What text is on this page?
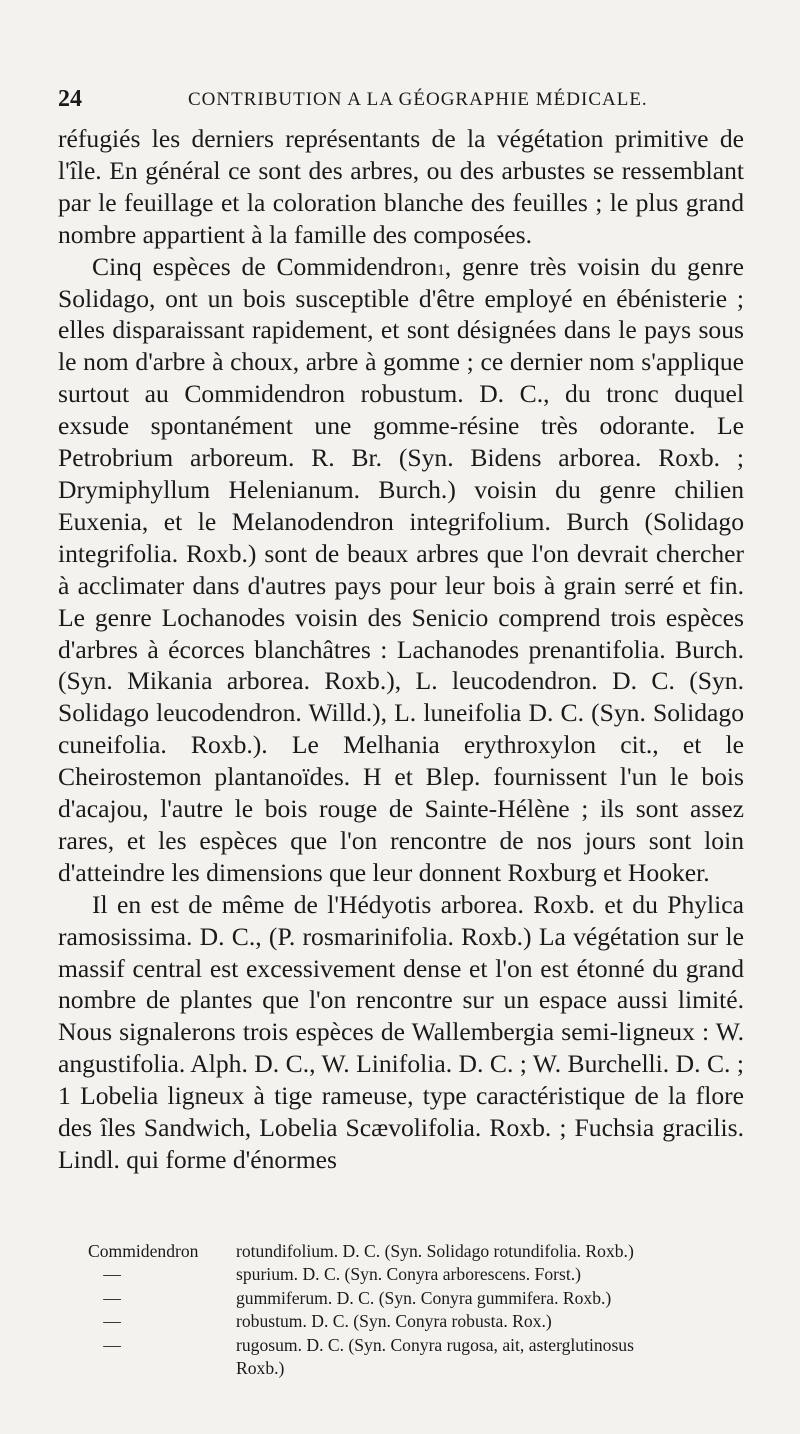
24	CONTRIBUTION A LA GÉOGRAPHIE MÉDICALE.

réfugiés les derniers représentants de la végétation primitive de l'île. En général ce sont des arbres, ou des arbustes se ressemblant par le feuillage et la coloration blanche des feuilles ; le plus grand nombre appartient à la famille des composées.

Cinq espèces de Commidendron$^1$, genre très voisin du genre Solidago, ont un bois susceptible d'être employé en ébénisterie ; elles disparaissant rapidement, et sont désignées dans le pays sous le nom d'arbre à choux, arbre à gomme ; ce dernier nom s'applique surtout au Commidendron robustum. D. C., du tronc duquel exsude spontanément une gomme-résine très odorante. Le Petrobrium arboreum. R. Br. (Syn. Bidens arborea. Roxb. ; Drymiphyllum Helenianum. Burch.) voisin du genre chilien Euxenia, et le Melanodendron integrifolium. Burch (Solidago integrifolia. Roxb.) sont de beaux arbres que l'on devrait chercher à acclimater dans d'autres pays pour leur bois à grain serré et fin. Le genre Lochanodes voisin des Senicio comprend trois espèces d'arbres à écorces blanchâtres : Lachanodes prenantifolia. Burch. (Syn. Mikania arborea. Roxb.), L. leucodendron. D. C. (Syn. Solidago leucodendron. Willd.), L. luneifolia D. C. (Syn. Solidago cuneifolia. Roxb.). Le Melhania erythroxylon cit., et le Cheirostemon plantanoïdes. H et Blep. fournissent l'un le bois d'acajou, l'autre le bois rouge de Sainte-Hélène ; ils sont assez rares, et les espèces que l'on rencontre de nos jours sont loin d'atteindre les dimensions que leur donnent Roxburg et Hooker.

Il en est de même de l'Hédyotis arborea. Roxb. et du Phylica ramosissima. D. C., (P. rosmarinifolia. Roxb.) La végétation sur le massif central est excessivement dense et l'on est étonné du grand nombre de plantes que l'on rencontre sur un espace aussi limité. Nous signalerons trois espèces de Wallembergia semi-ligneux : W. angustifolia. Alph. D. C., W. Linifolia. D. C. ; W. Burchelli. D. C. ; 1 Lobelia ligneux à tige rameuse, type caractéristique de la flore des îles Sandwich, Lobelia Scævolifolia. Roxb. ; Fuchsia gracilis. Lindl. qui forme d'énormes

Commidendron rotundifolium. D. C. (Syn. Solidago rotundifolia. Roxb.)
—	spurium. D. C. (Syn. Conyra arborescens. Forst.)
—	gummiferum. D. C. (Syn. Conyra gummifera. Roxb.)
—	robustum. D. C. (Syn. Conyra robusta. Rox.)
—	rugosum. D. C. (Syn. Conyra rugosa, ait, asterglutinosus
Roxb.)
